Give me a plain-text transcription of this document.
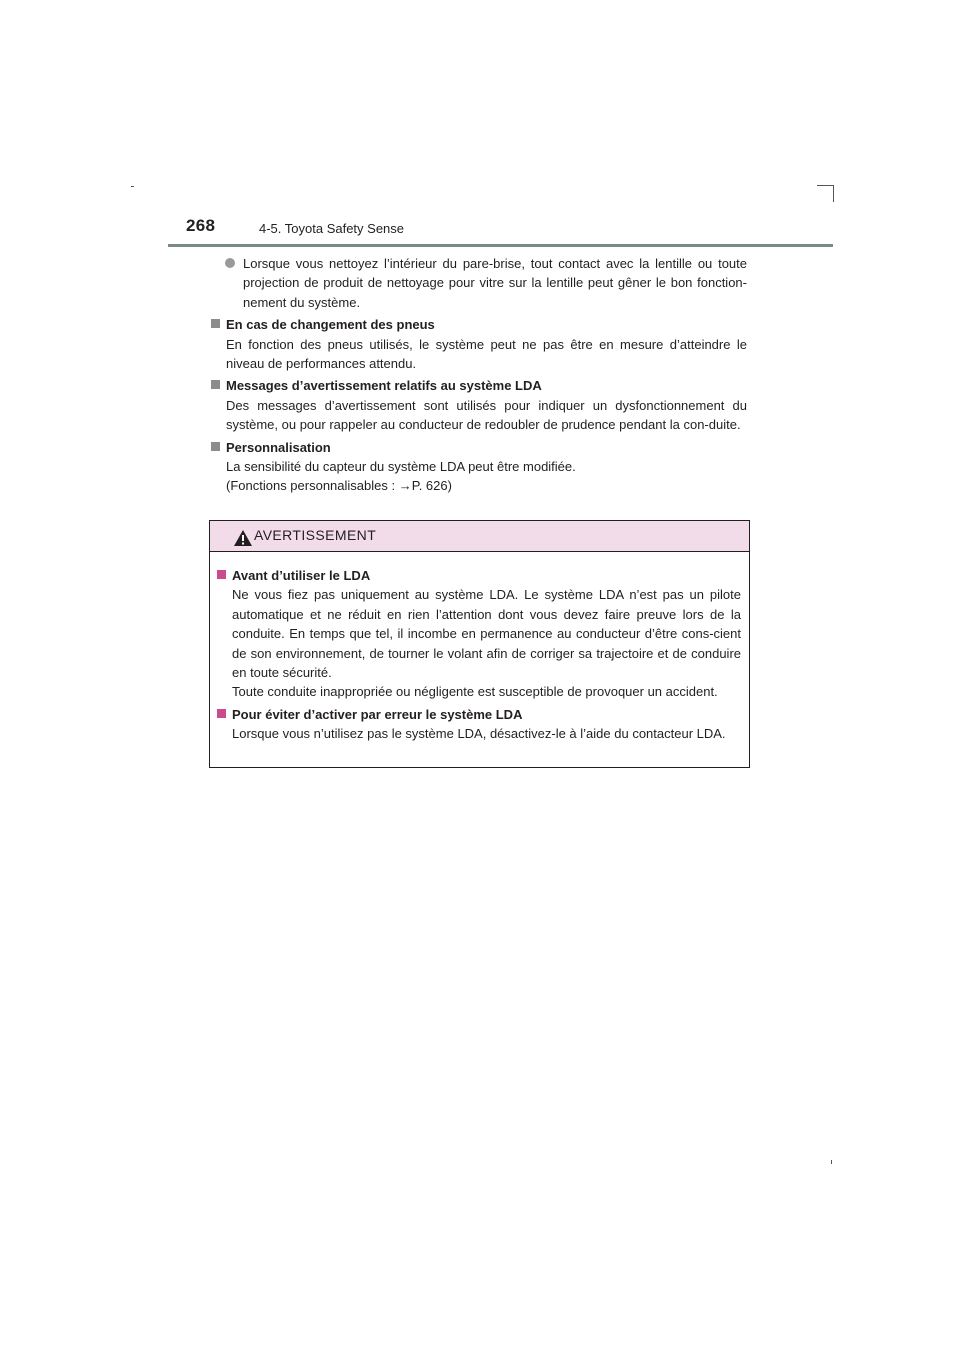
268	4-5. Toyota Safety Sense
Lorsque vous nettoyez l’intérieur du pare-brise, tout contact avec la lentille ou toute projection de produit de nettoyage pour vitre sur la lentille peut gêner le bon fonction-nement du système.
En cas de changement des pneus
En fonction des pneus utilisés, le système peut ne pas être en mesure d’atteindre le niveau de performances attendu.
Messages d’avertissement relatifs au système LDA
Des messages d’avertissement sont utilisés pour indiquer un dysfonctionnement du système, ou pour rappeler au conducteur de redoubler de prudence pendant la con-duite.
Personnalisation
La sensibilité du capteur du système LDA peut être modifiée.
(Fonctions personnalisables : →P. 626)
AVERTISSEMENT
Avant d’utiliser le LDA
Ne vous fiez pas uniquement au système LDA. Le système LDA n’est pas un pilote automatique et ne réduit en rien l’attention dont vous devez faire preuve lors de la conduite. En temps que tel, il incombe en permanence au conducteur d’être cons-cient de son environnement, de tourner le volant afin de corriger sa trajectoire et de conduire en toute sécurité.
Toute conduite inappropriée ou négligente est susceptible de provoquer un accident.
Pour éviter d’activer par erreur le système LDA
Lorsque vous n’utilisez pas le système LDA, désactivez-le à l’aide du contacteur LDA.
